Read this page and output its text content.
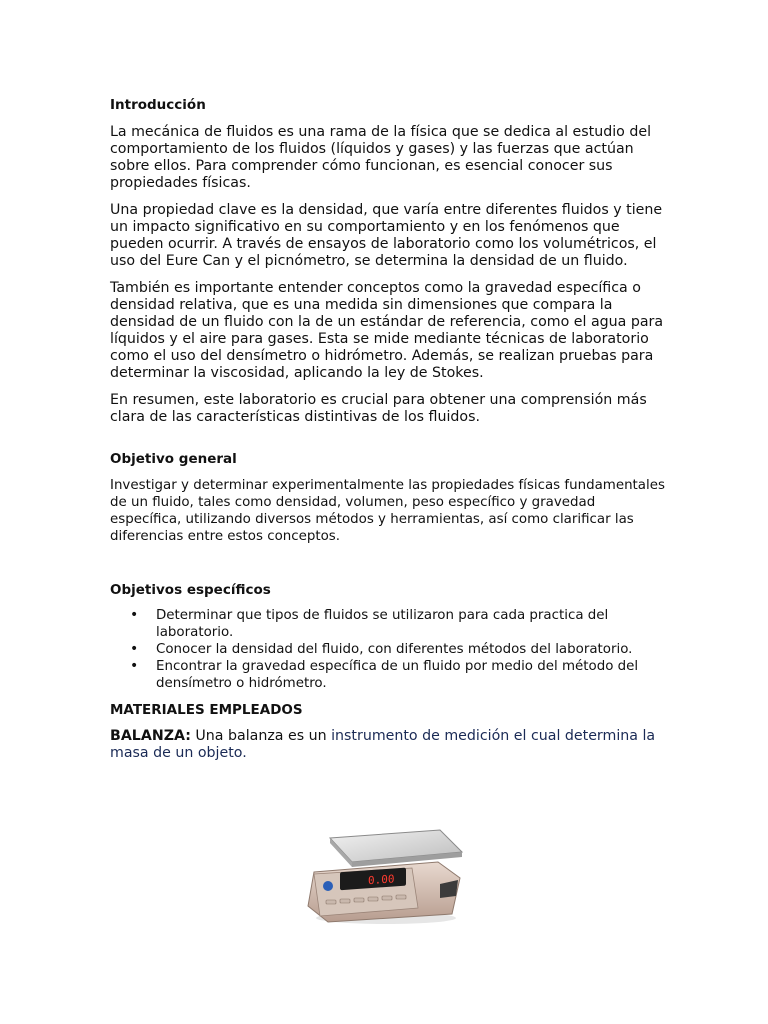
Introducción

La mecánica de fluidos es una rama de la física que se dedica al estudio del comportamiento de los fluidos (líquidos y gases) y las fuerzas que actúan sobre ellos. Para comprender cómo funcionan, es esencial conocer sus propiedades físicas.

Una propiedad clave es la densidad, que varía entre diferentes fluidos y tiene un impacto significativo en su comportamiento y en los fenómenos que pueden ocurrir. A través de ensayos de laboratorio como los volumétricos, el uso del Eure Can y el picnómetro, se determina la densidad de un fluido.

También es importante entender conceptos como la gravedad específica o densidad relativa, que es una medida sin dimensiones que compara la densidad de un fluido con la de un estándar de referencia, como el agua para líquidos y el aire para gases. Esta se mide mediante técnicas de laboratorio como el uso del densímetro o hidrómetro. Además, se realizan pruebas para determinar la viscosidad, aplicando la ley de Stokes.

En resumen, este laboratorio es crucial para obtener una comprensión más clara de las características distintivas de los fluidos.

Objetivo general

Investigar y determinar experimentalmente las propiedades físicas fundamentales de un fluido, tales como densidad, volumen, peso específico y gravedad específica, utilizando diversos métodos y herramientas, así como clarificar las diferencias entre estos conceptos.

Objetivos específicos
• Determinar que tipos de fluidos se utilizaron para cada practica del laboratorio.
• Conocer la densidad del fluido, con diferentes métodos del laboratorio.
• Encontrar la gravedad específica de un fluido por medio del método del densímetro o hidrómetro.
MATERIALES EMPLEADOS

BALANZA: Una balanza es un instrumento de medición el cual determina la masa de un objeto.

0.00
